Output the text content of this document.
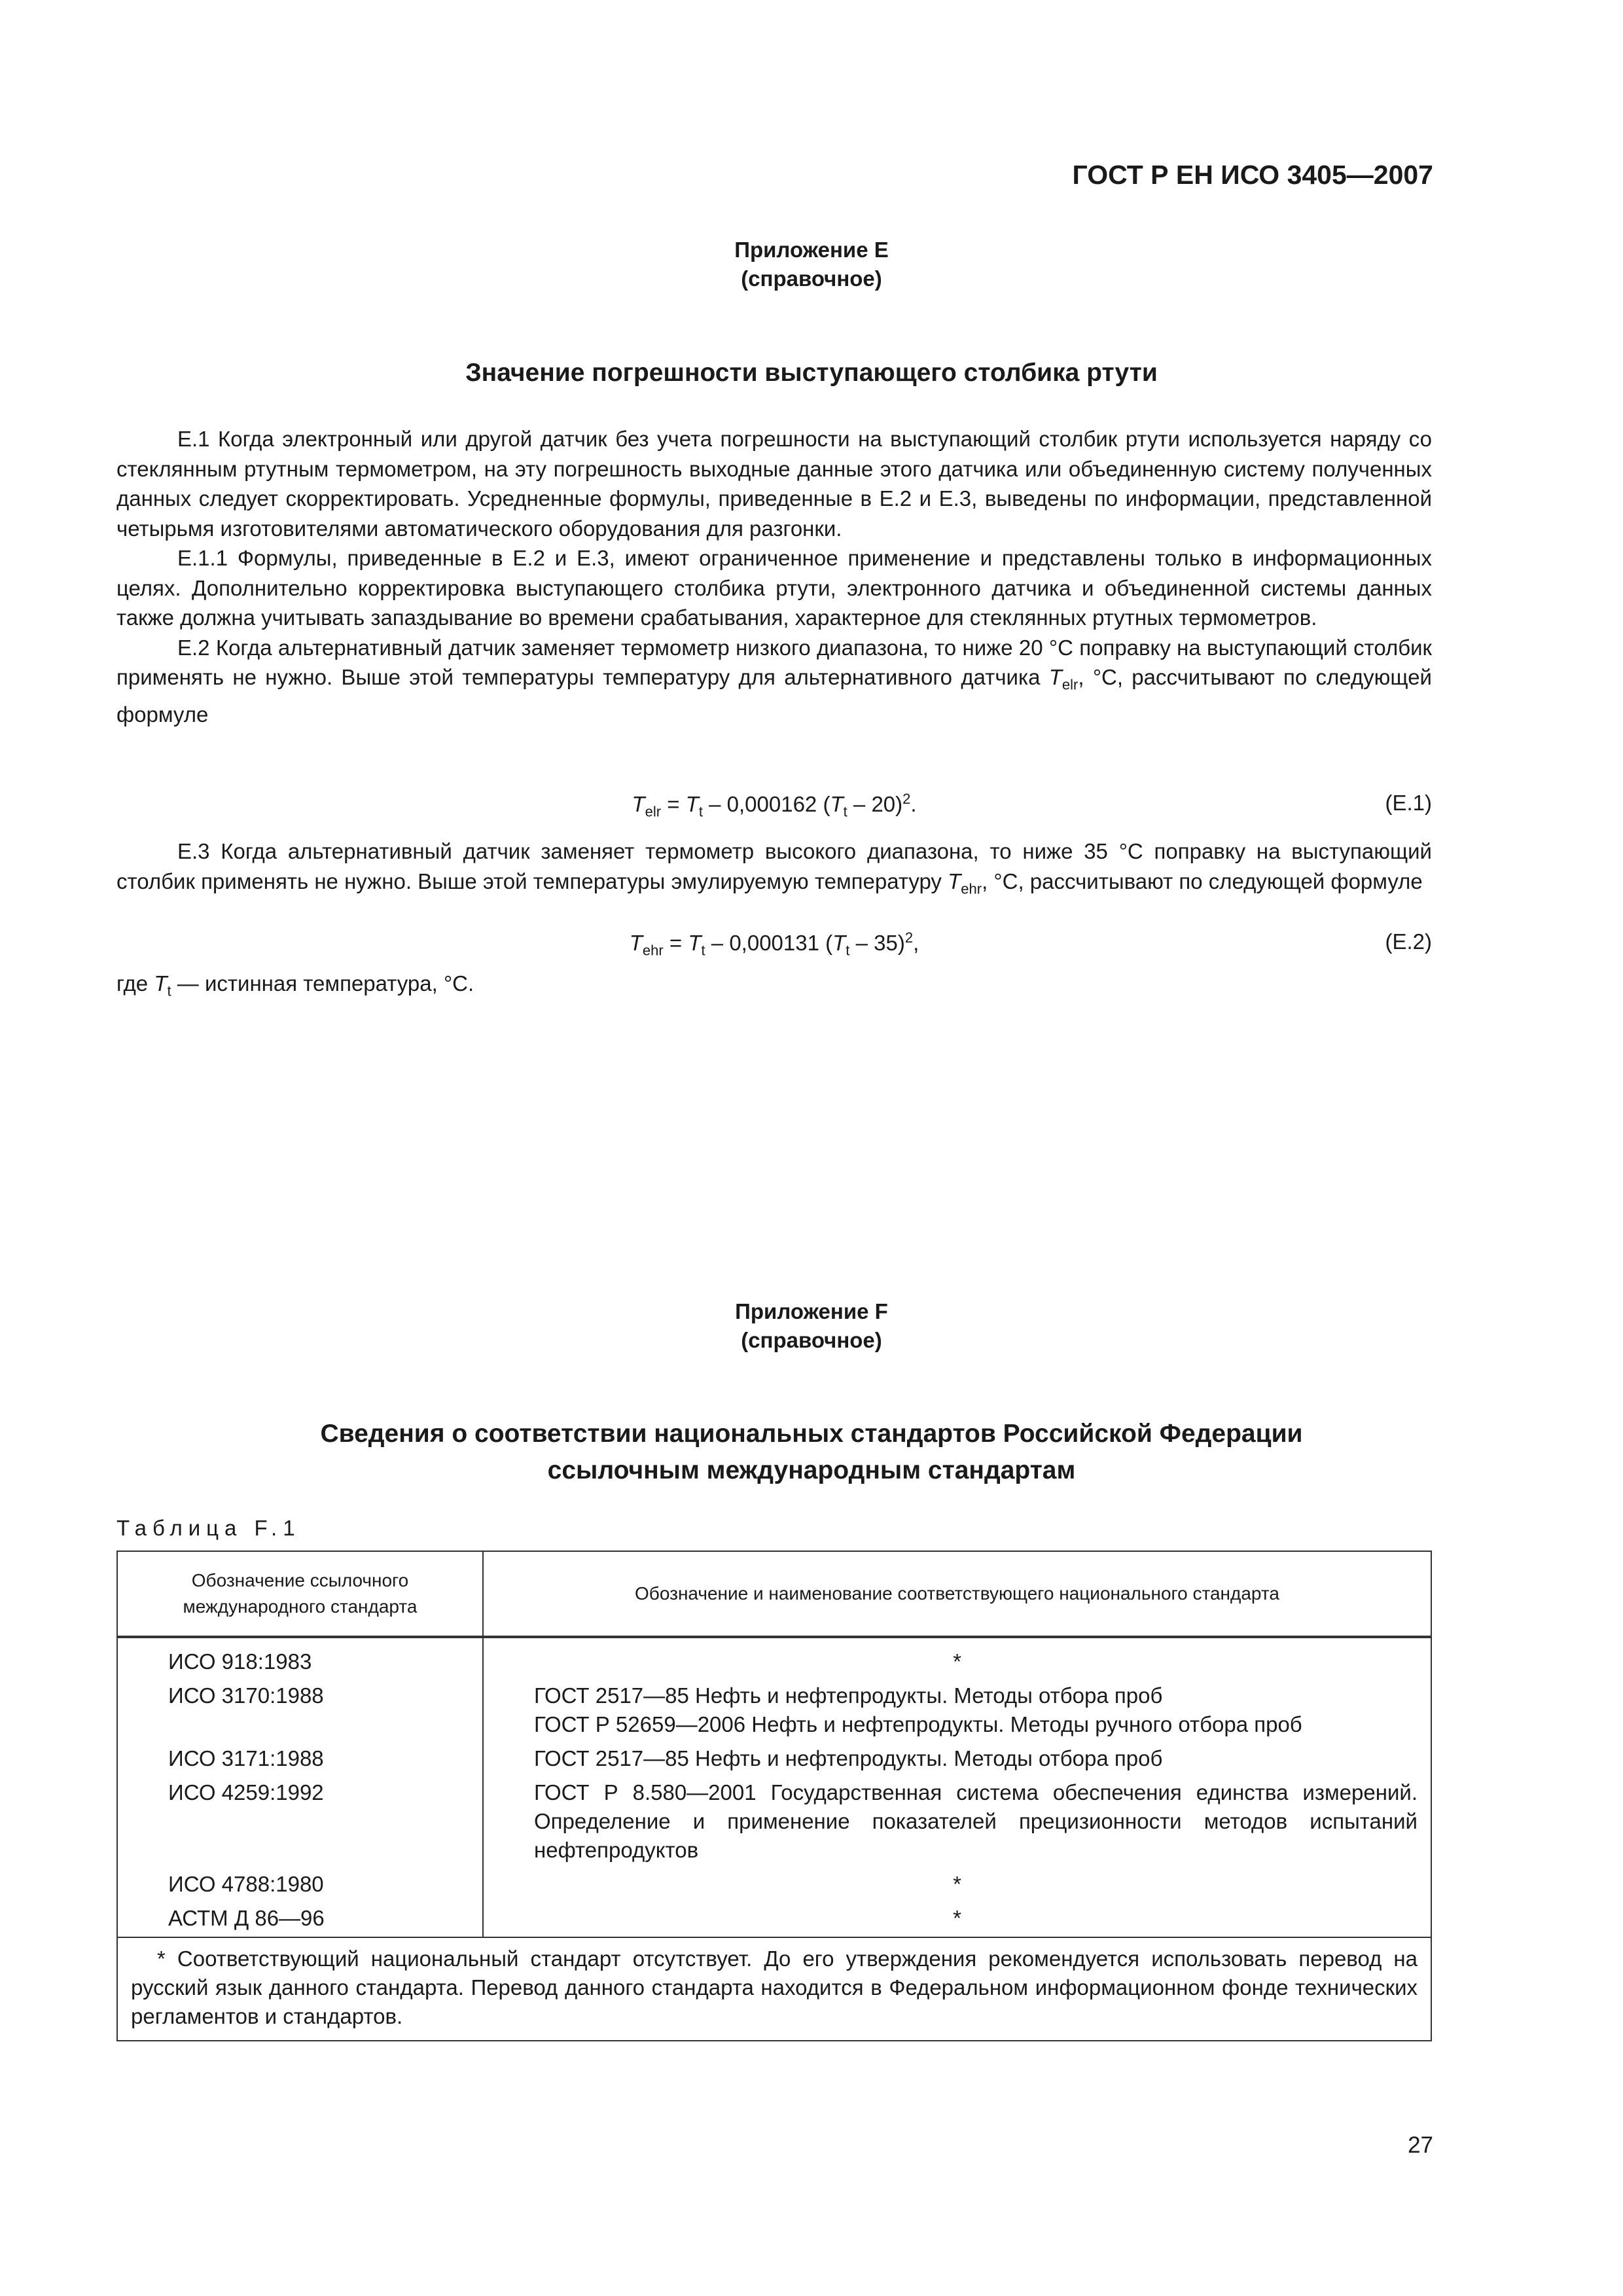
ГОСТ Р ЕН ИСО 3405—2007
Приложение Е
(справочное)
Значение погрешности выступающего столбика ртути

Е.1 Когда электронный или другой датчик без учета погрешности на выступающий столбик ртути используется наряду со стеклянным ртутным термометром, на эту погрешность выходные данные этого датчика или объединенную систему полученных данных следует скорректировать. Усредненные формулы, приведенные в Е.2 и Е.3, выведены по информации, представленной четырьмя изготовителями автоматического оборудования для разгонки.

Е.1.1 Формулы, приведенные в Е.2 и Е.3, имеют ограниченное применение и представлены только в информационных целях. Дополнительно корректировка выступающего столбика ртути, электронного датчика и объединенной системы данных также должна учитывать запаздывание во времени срабатывания, характерное для стеклянных ртутных термометров.

Е.2 Когда альтернативный датчик заменяет термометр низкого диапазона, то ниже 20 °С поправку на выступающий столбик применять не нужно. Выше этой температуры температуру для альтернативного датчика $T_{elr}$, °С, рассчитывают по следующей формуле

$T_{elr} = T_t - 0,000162$ $(T_t - 20)^2$.	(Е.1)

Е.3 Когда альтернативный датчик заменяет термометр высокого диапазона, то ниже 35 °С поправку на выступающий столбик применять не нужно. Выше этой температуры эмулируемую температуру $T_{ehr}$, °С, рассчитывают по следующей формуле

$T_{ehr} = T_t - 0,000131$ $(T_t - 35)^2$,	(Е.2)
где $T_t$ — истинная температура, °С.
Приложение F
(справочное)
Сведения о соответствии национальных стандартов Российской Федерации
ссылочным международным стандартам
Таблица F.1
Обозначение ссылочного международного стандарта	Обозначение и наименование соответствующего национального стандарта
ИСО 918:1983	*
ИСО 3170:1988	ГОСТ 2517—85 Нефть и нефтепродукты. Методы отбора проб
ГОСТ Р 52659—2006 Нефть и нефтепродукты. Методы ручного отбора проб

ИСО 3171:1988	ГОСТ 2517—85 Нефть и нефтепродукты. Методы отбора проб
ИСО 4259:1992	ГОСТ Р 8.580—2001 Государственная система обеспечения единства измерений. Определение и применение показателей прецизионности методов испытаний нефтепродуктов
ИСО 4788:1980	*
АСТМ Д 86—96	*
* Соответствующий национальный стандарт отсутствует. До его утверждения рекомендуется использовать перевод на русский язык данного стандарта. Перевод данного стандарта находится в Федеральном информационном фонде технических регламентов и стандартов.	
27
